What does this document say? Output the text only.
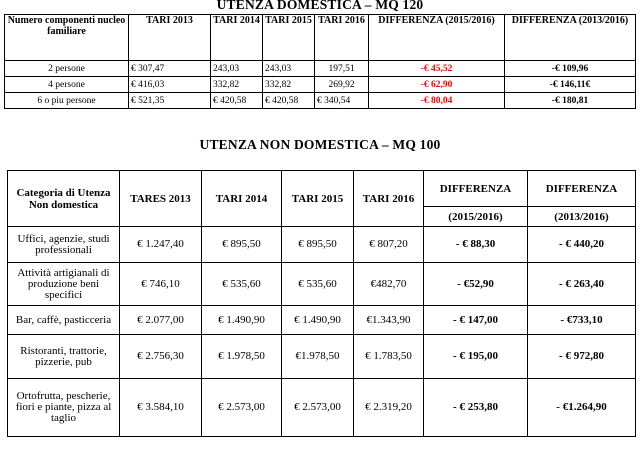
UTENZA DOMESTICA – MQ 120
Numero componenti nucleo familiare	TARI 2013	TARI 2014	TARI 2015	TARI 2016	DIFFERENZA (2015/2016)	DIFFERENZA (2013/2016)
2 persone	€ 307,47	243,03	243,03	197,51	-€ 45,52	-€ 109,96
4 persone	€ 416,03	332,82	332,82	269,92	-€ 62,90	-€ 146,11€
6 o piu persone	€ 521,35	€ 420,58	€ 420,58	€ 340,54	-€ 80,04	-€ 180,81
UTENZA NON DOMESTICA – MQ 100
Categoria di Utenza Non domestica	TARES 2013	TARI 2014	TARI 2015	TARI 2016	DIFFERENZA	DIFFERENZA
					(2015/2016)	(2013/2016)
Uffici, agenzie, studi professionali	€ 1.247,40	€ 895,50	€ 895,50	€ 807,20	- € 88,30	- € 440,20
Attività artigianali di produzione beni specifici	€ 746,10	€ 535,60	€ 535,60	€482,70	- €52,90	- € 263,40
Bar, caffè, pasticceria	€ 2.077,00	€ 1.490,90	€ 1.490,90	€1.343,90	- € 147,00	- €733,10
Ristoranti, trattorie, pizzerie, pub	€ 2.756,30	€ 1.978,50	€1.978,50	€ 1.783,50	- € 195,00	- € 972,80
Ortofrutta, pescherie, fiori e piante, pizza al taglio	€ 3.584,10	€ 2.573,00	€ 2.573,00	€ 2.319,20	- € 253,80	- €1.264,90
